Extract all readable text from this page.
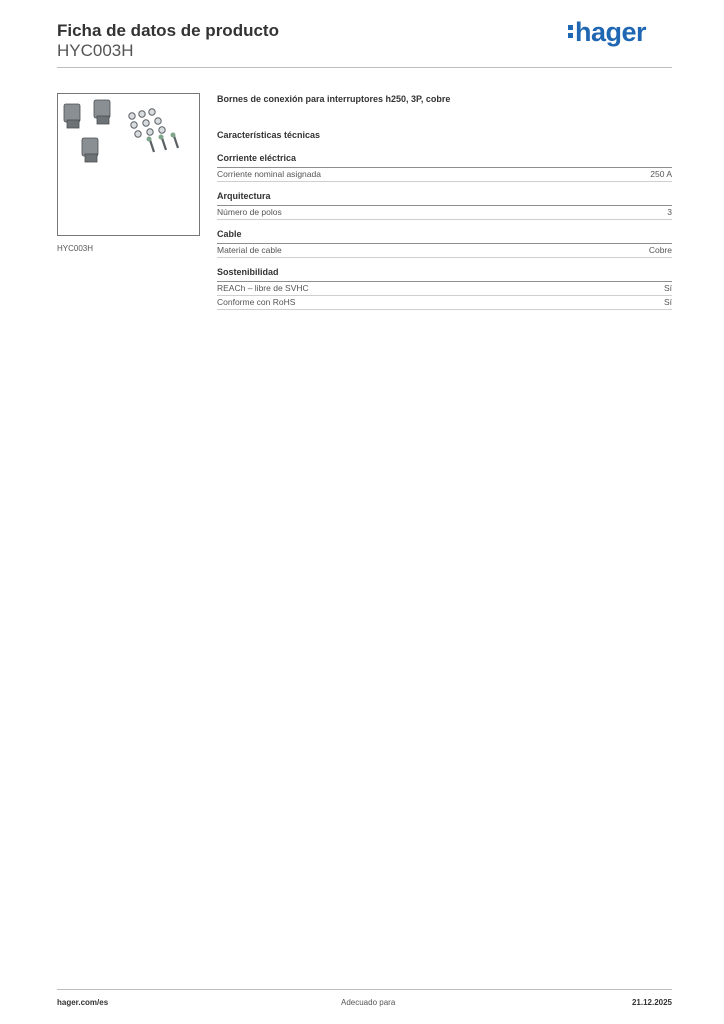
Ficha de datos de producto
HYC003H
hager
HYC003H
Bornes de conexión para interruptores h250, 3P, cobre
Características técnicas
Corriente eléctrica
Corriente nominal asignada	250 A
Arquitectura
Número de polos	3
Cable
Material de cable	Cobre
Sostenibilidad
REACh – libre de SVHC	Sí
Conforme con RoHS	Sí
hager.com/es	Adecuado para	21.12.2025
